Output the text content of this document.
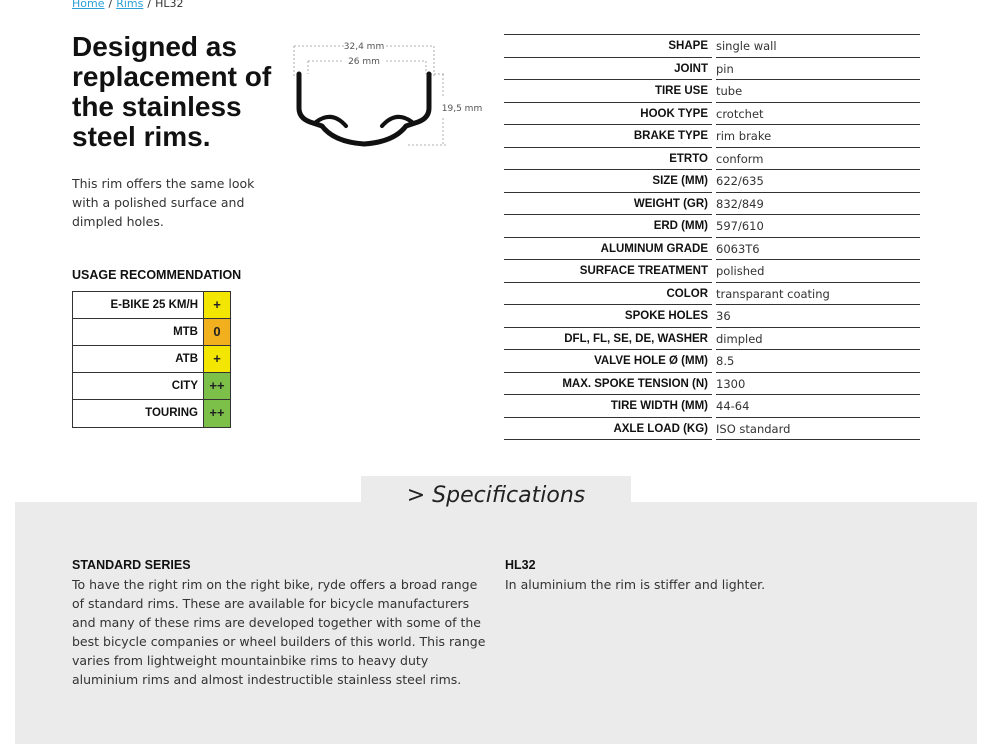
Home / Rims / HL32
Designed as replacement of the stainless steel rims.

This rim offers the same look with a polished surface and dimpled holes.

32,4 mm
26 mm
19,5 mm
USAGE RECOMMENDATION
E-BIKE 25 KM/H	+
MTB	0
ATB	+
CITY ++
TOURING ++
SHAPE single wall
JOINT pin
TIRE USE tube
HOOK TYPE crotchet
BRAKE TYPE rim brake
ETRTO conform
SIZE (MM) 622/635
WEIGHT (GR) 832/849
ERD (MM) 597/610
ALUMINUM GRADE 6063T6
SURFACE TREATMENT polished
COLOR transparant coating
SPOKE HOLES 36
DFL, FL, SE, DE, WASHER dimpled
VALVE HOLE Ø (MM) 8.5
MAX. SPOKE TENSION (N) 1300
TIRE WIDTH (MM) 44-64
AXLE LOAD (KG) ISO standard
> Specifications
STANDARD SERIES

To have the right rim on the right bike, ryde offers a broad range of standard rims. These are available for bicycle manufacturers and many of these rims are developed together with some of the best bicycle companies or wheel builders of this world. This range varies from lightweight mountainbike rims to heavy duty aluminium rims and almost indestructible stainless steel rims.

HL32

In aluminium the rim is stiffer and lighter.
